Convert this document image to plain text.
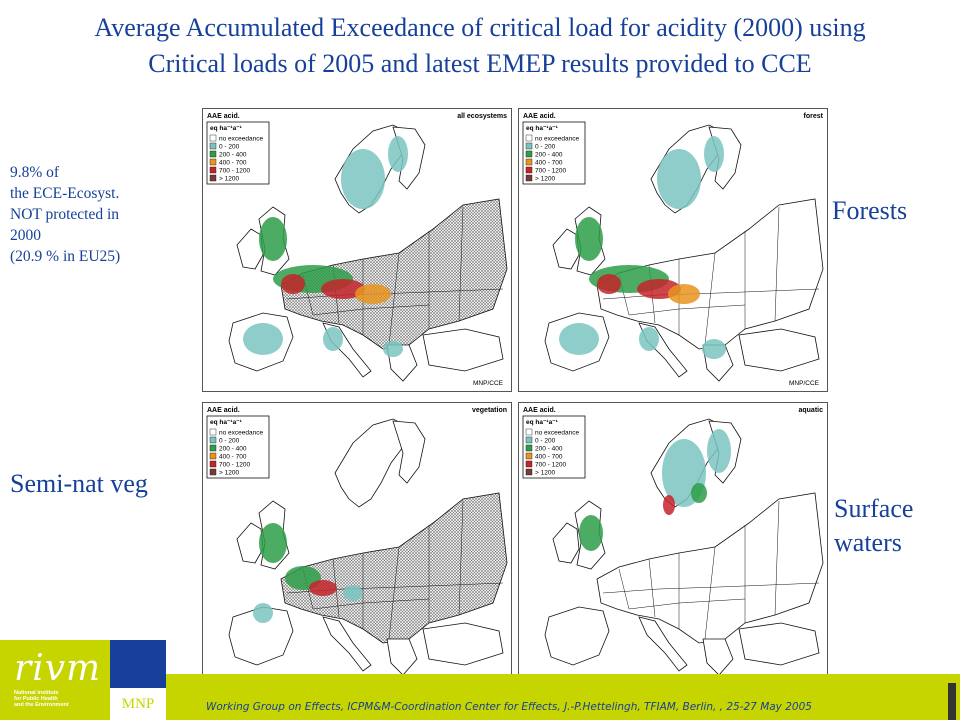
Average Accumulated Exceedance of critical load for acidity (2000) using
Critical loads of 2005 and latest EMEP results provided to CCE
9.8% of
the ECE-Ecosyst.
NOT protected in
2000
(20.9 % in EU25)
Forests
Semi-nat veg
Surface
waters
AAE acid.	all ecosystems
eq ha⁻¹a⁻¹
no exceedance
0 - 200
200 - 400
400 - 700
700 - 1200
> 1200
MNP/CCE
AAE acid.	forest
eq ha⁻¹a⁻¹
no exceedance
0 - 200
200 - 400
400 - 700
700 - 1200
> 1200
MNP/CCE
AAE acid.	vegetation
eq ha⁻¹a⁻¹
no exceedance
0 - 200
200 - 400
400 - 700
700 - 1200
> 1200
AAE acid.	aquatic
eq ha⁻¹a⁻¹
no exceedance
0 - 200
200 - 400
400 - 700
700 - 1200
> 1200
rivm
National Institute
for Public Health
and the Environment	MNP	Working Group on Effects, ICPM&M-Coordination Center for Effects, J.-P.Hettelingh, TFIAM, Berlin, , 25-27 May 2005
